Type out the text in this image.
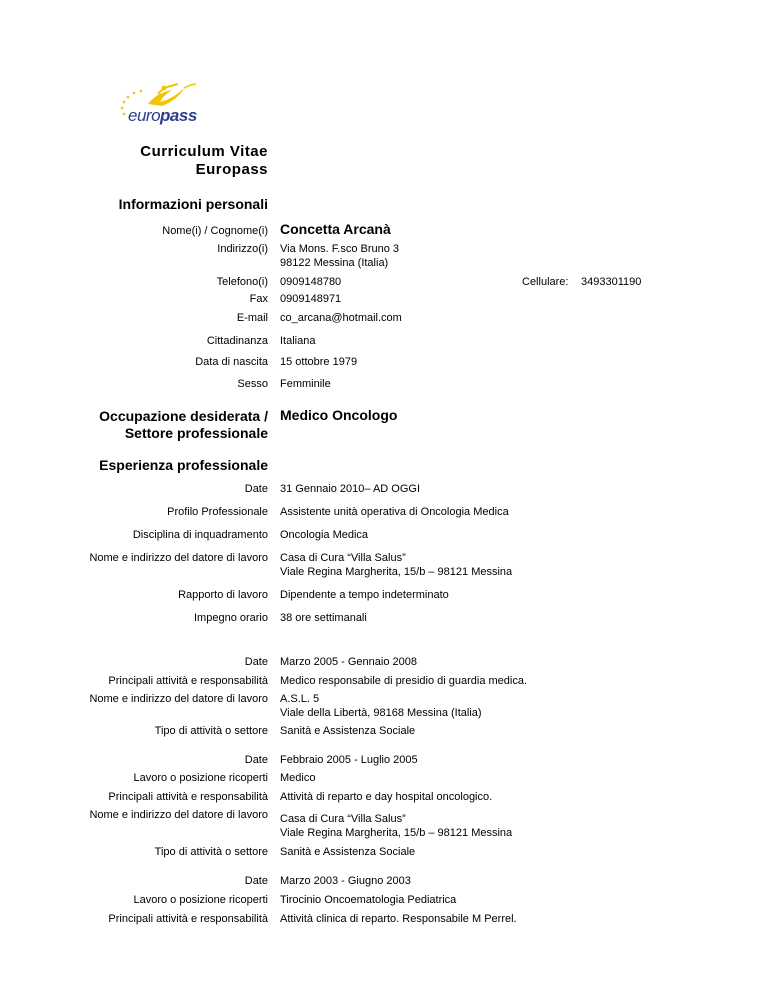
europass
Curriculum Vitae
Europass
Informazioni personali
Nome(i) / Cognome(i) Concetta Arcanà
Indirizzo(i) Via Mons. F.sco Bruno 3
98122 Messina (Italia)
Telefono(i) 0909148780	Cellulare: 3493301190
Fax 0909148971
E-mail co_arcana@hotmail.com
Cittadinanza Italiana
Data di nascita 15 ottobre 1979
Sesso Femminile
Occupazione desiderata /
Settore professionale
Medico Oncologo
Esperienza professionale
Date 31 Gennaio 2010– AD OGGI
Profilo Professionale Assistente unità operativa di Oncologia Medica
Disciplina di inquadramento Oncologia Medica
Nome e indirizzo del datore di lavoro Casa di Cura “Villa Salus”
Viale Regina Margherita, 15/b – 98121 Messina
Rapporto di lavoro Dipendente a tempo indeterminato
Impegno orario 38 ore settimanali
Date Marzo 2005 - Gennaio 2008
Principali attività e responsabilità Medico responsabile di presidio di guardia medica.
Nome e indirizzo del datore di lavoro A.S.L. 5
Viale della Libertà, 98168 Messina (Italia)
Tipo di attività o settore Sanità e Assistenza Sociale
Date Febbraio 2005 - Luglio 2005
Lavoro o posizione ricoperti Medico
Principali attività e responsabilità Attività di reparto e day hospital oncologico.
Nome e indirizzo del datore di lavoro Casa di Cura “Villa Salus”
Viale Regina Margherita, 15/b – 98121 Messina
Tipo di attività o settore Sanità e Assistenza Sociale
Date Marzo 2003 - Giugno 2003
Lavoro o posizione ricoperti Tirocinio Oncoematologia Pediatrica
Principali attività e responsabilità Attività clinica di reparto. Responsabile M Perrel.
